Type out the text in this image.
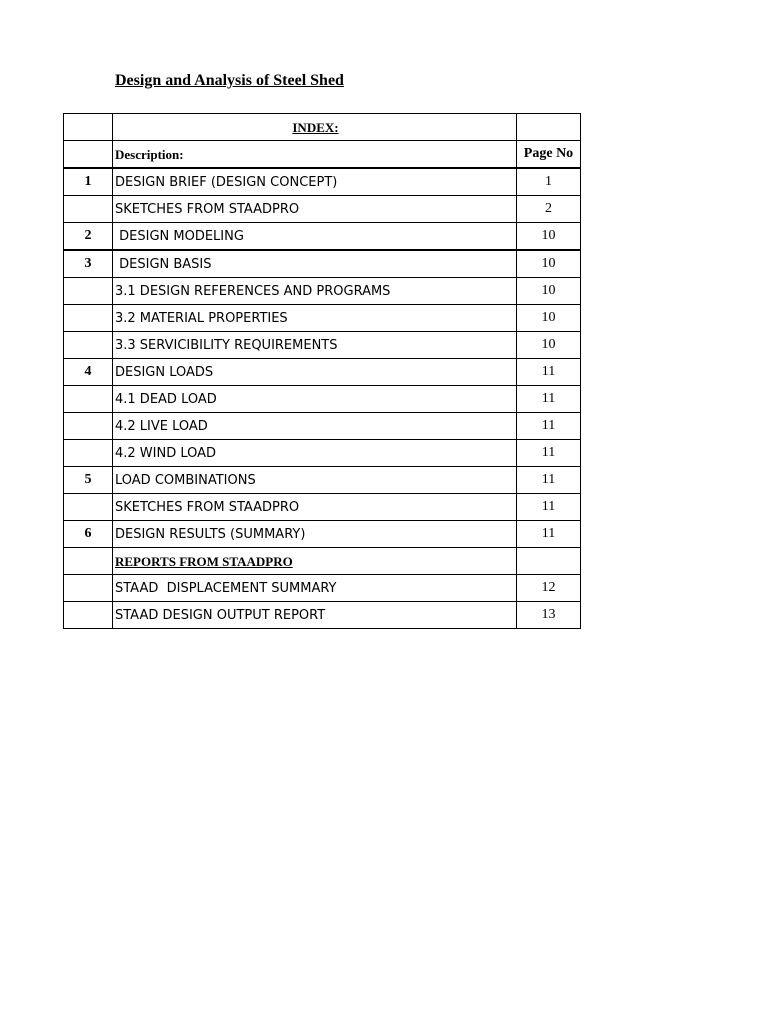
Design and Analysis of Steel Shed
	INDEX:	
	Description:	Page No
1	DESIGN BRIEF (DESIGN CONCEPT)	1
	SKETCHES FROM STAADPRO	2
2	DESIGN MODELING	10
3	DESIGN BASIS	10
	3.1 DESIGN REFERENCES AND PROGRAMS	10
	3.2 MATERIAL PROPERTIES	10
	3.3 SERVICIBILITY REQUIREMENTS	10
4	DESIGN LOADS	11
	4.1 DEAD LOAD	11
	4.2 LIVE LOAD	11
	4.2 WIND LOAD	11
5	LOAD COMBINATIONS	11
	SKETCHES FROM STAADPRO	11
6	DESIGN RESULTS (SUMMARY)	11
	REPORTS FROM STAADPRO	
	STAAD  DISPLACEMENT SUMMARY	12
	STAAD DESIGN OUTPUT REPORT	13
